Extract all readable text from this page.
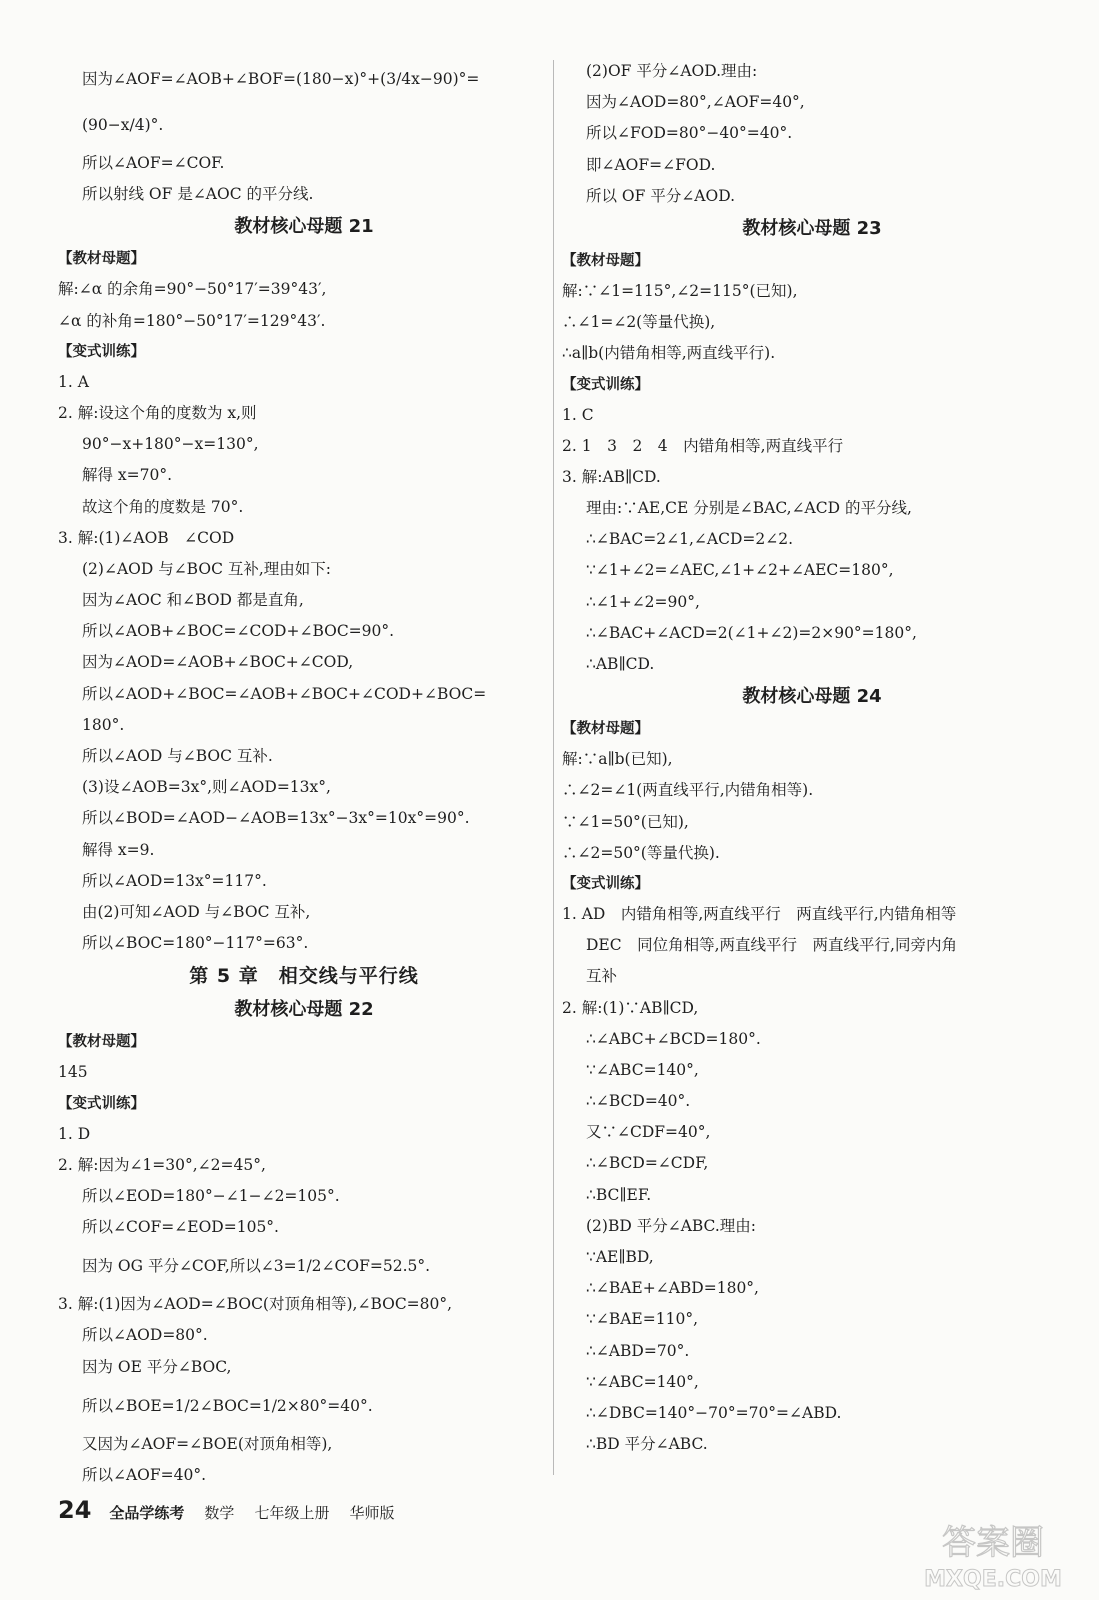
因为∠AOF=∠AOB+∠BOF=(180−x)°+(3/4x−90)°=
(90−x/4)°.
所以∠AOF=∠COF.
所以射线 OF 是∠AOC 的平分线.
教材核心母题 21
【教材母题】
解:∠α 的余角=90°−50°17′=39°43′,
∠α 的补角=180°−50°17′=129°43′.
【变式训练】
1. A
2. 解:设这个角的度数为 x,则
90°−x+180°−x=130°,
解得 x=70°.
故这个角的度数是 70°.
3. 解:(1)∠AOB　∠COD
(2)∠AOD 与∠BOC 互补,理由如下:
因为∠AOC 和∠BOD 都是直角,
所以∠AOB+∠BOC=∠COD+∠BOC=90°.
因为∠AOD=∠AOB+∠BOC+∠COD,
所以∠AOD+∠BOC=∠AOB+∠BOC+∠COD+∠BOC=
180°.
所以∠AOD 与∠BOC 互补.
(3)设∠AOB=3x°,则∠AOD=13x°,
所以∠BOD=∠AOD−∠AOB=13x°−3x°=10x°=90°.
解得 x=9.
所以∠AOD=13x°=117°.
由(2)可知∠AOD 与∠BOC 互补,
所以∠BOC=180°−117°=63°.
第 5 章　相交线与平行线
教材核心母题 22
【教材母题】
145
【变式训练】
1. D
2. 解:因为∠1=30°,∠2=45°,
所以∠EOD=180°−∠1−∠2=105°.
所以∠COF=∠EOD=105°.
因为 OG 平分∠COF,所以∠3=1/2∠COF=52.5°.
3. 解:(1)因为∠AOD=∠BOC(对顶角相等),∠BOC=80°,
所以∠AOD=80°.
因为 OE 平分∠BOC,
所以∠BOE=1/2∠BOC=1/2×80°=40°.
又因为∠AOF=∠BOE(对顶角相等),
所以∠AOF=40°.
(2)OF 平分∠AOD.理由:
因为∠AOD=80°,∠AOF=40°,
所以∠FOD=80°−40°=40°.
即∠AOF=∠FOD.
所以 OF 平分∠AOD.
教材核心母题 23
【教材母题】
解:∵∠1=115°,∠2=115°(已知),
∴∠1=∠2(等量代换),
∴a∥b(内错角相等,两直线平行).
【变式训练】
1. C
2. 1　3　2　4　内错角相等,两直线平行
3. 解:AB∥CD.
理由:∵AE,CE 分别是∠BAC,∠ACD 的平分线,
∴∠BAC=2∠1,∠ACD=2∠2.
∵∠1+∠2=∠AEC,∠1+∠2+∠AEC=180°,
∴∠1+∠2=90°,
∴∠BAC+∠ACD=2(∠1+∠2)=2×90°=180°,
∴AB∥CD.
教材核心母题 24
【教材母题】
解:∵a∥b(已知),
∴∠2=∠1(两直线平行,内错角相等).
∵∠1=50°(已知),
∴∠2=50°(等量代换).
【变式训练】
1. AD　内错角相等,两直线平行　两直线平行,内错角相等
DEC　同位角相等,两直线平行　两直线平行,同旁内角
互补
2. 解:(1)∵AB∥CD,
∴∠ABC+∠BCD=180°.
∵∠ABC=140°,
∴∠BCD=40°.
又∵∠CDF=40°,
∴∠BCD=∠CDF,
∴BC∥EF.
(2)BD 平分∠ABC.理由:
∵AE∥BD,
∴∠BAE+∠ABD=180°,
∵∠BAE=110°,
∴∠ABD=70°.
∵∠ABC=140°,
∴∠DBC=140°−70°=70°=∠ABD.
∴BD 平分∠ABC.
24 全品学练考 数学 七年级上册 华师版
答案圈
MXQE.COM
